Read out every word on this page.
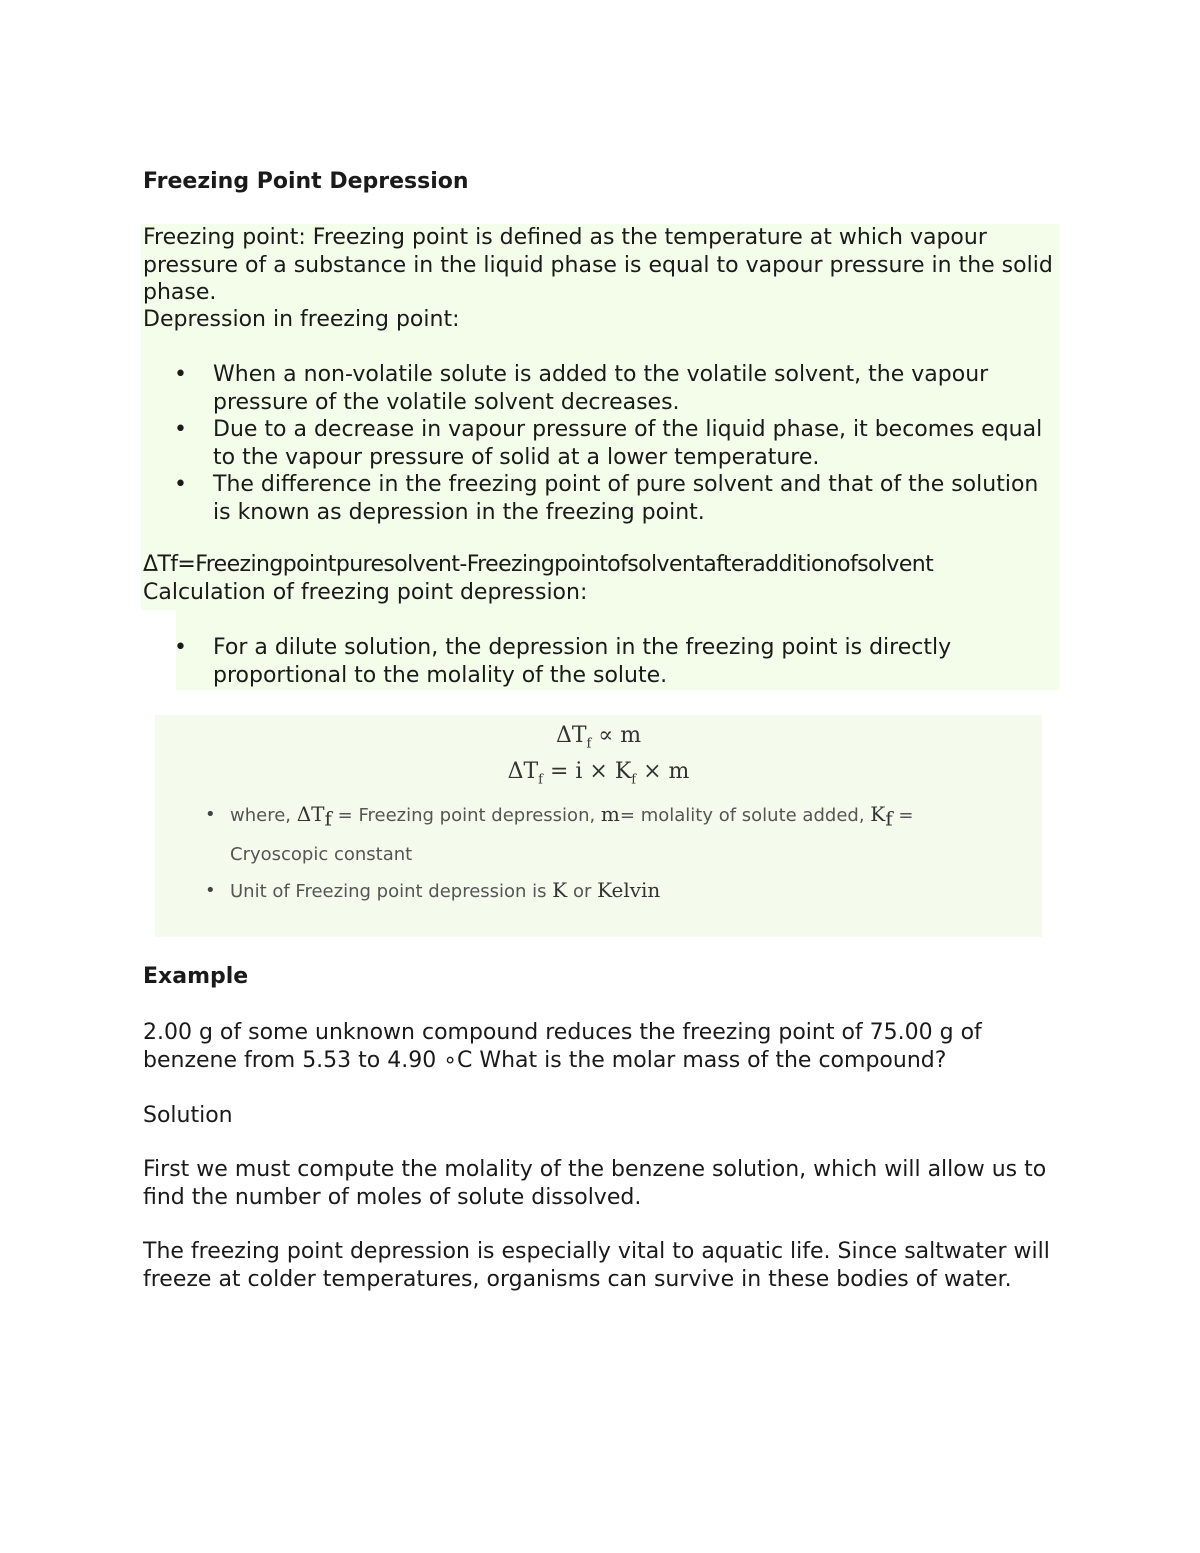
Freezing Point Depression

Freezing point: Freezing point is defined as the temperature at which vapour pressure of a substance in the liquid phase is equal to vapour pressure in the solid phase.

Depression in freezing point:

• When a non-volatile solute is added to the volatile solvent, the vapour pressure of the volatile solvent decreases.
• Due to a decrease in vapour pressure of the liquid phase, it becomes equal to the vapour pressure of solid at a lower temperature.
• The difference in the freezing point of pure solvent and that of the solution is known as depression in the freezing point.

ΔTf=Freezingpointpuresolvent-Freezingpointofsolventafteradditionofsolvent

Calculation of freezing point depression:

• For a dilute solution, the depression in the freezing point is directly proportional to the molality of the solute.
$\Delta T_f \propto m$
$\Delta T_f = i \times K_f \times m$
• where, $\Delta T_f$ = Freezing point depression, m= molality of solute added, $K_f$ = Cryoscopic constant
• Unit of Freezing point depression is K or Kelvin
Example

2.00 g of some unknown compound reduces the freezing point of 75.00 g of benzene from 5.53 to 4.90 ∘C What is the molar mass of the compound?

Solution

First we must compute the molality of the benzene solution, which will allow us to find the number of moles of solute dissolved.

The freezing point depression is especially vital to aquatic life. Since saltwater will freeze at colder temperatures, organisms can survive in these bodies of water.
